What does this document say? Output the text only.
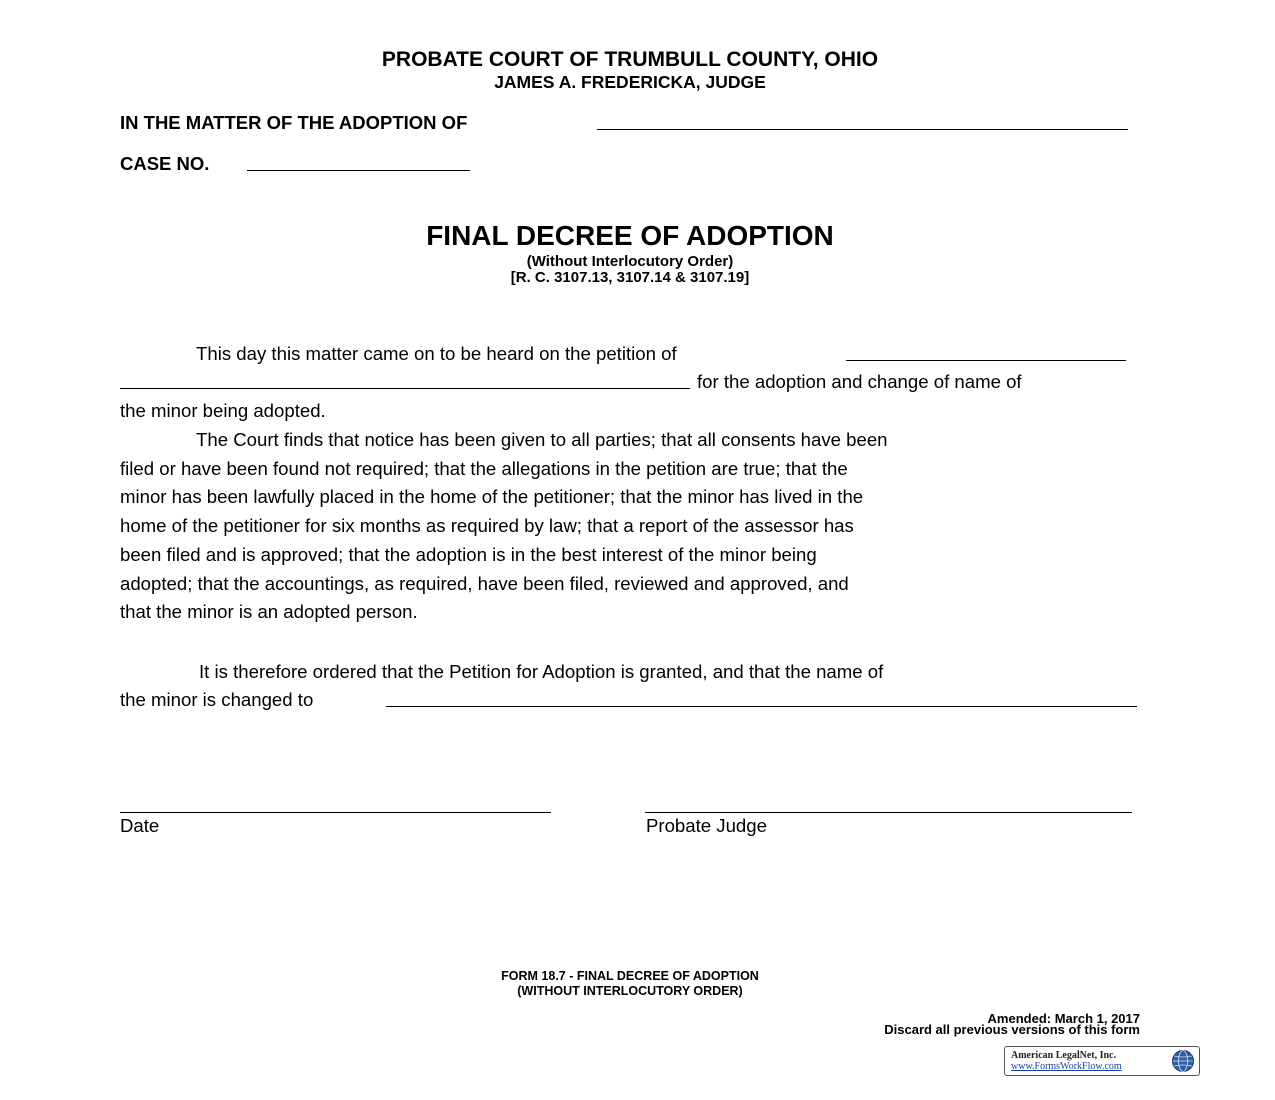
PROBATE COURT OF TRUMBULL COUNTY, OHIO
JAMES A. FREDERICKA, JUDGE
IN THE MATTER OF THE ADOPTION OF
CASE NO.
FINAL DECREE OF ADOPTION
(Without Interlocutory Order)
[R. C. 3107.13, 3107.14 & 3107.19]
This day this matter came on to be heard on the petition of
for the adoption and change of name of
the minor being adopted.
The Court finds that notice has been given to all parties; that all consents have been
filed or have been found not required; that the allegations in the petition are true; that the
minor has been lawfully placed in the home of the petitioner; that the minor has lived in the
home of the petitioner for six months as required by law; that a report of the assessor has
been filed and is approved; that the adoption is in the best interest of the minor being
adopted; that the accountings, as required, have been filed, reviewed and approved, and
that the minor is an adopted person.
It is therefore ordered that the Petition for Adoption is granted, and that the name of
the minor is changed to
Date	Probate Judge
FORM 18.7 - FINAL DECREE OF ADOPTION
(WITHOUT INTERLOCUTORY ORDER)
Amended: March 1, 2017
Discard all previous versions of this form
American LegalNet, Inc.
www.FormsWorkFlow.com
